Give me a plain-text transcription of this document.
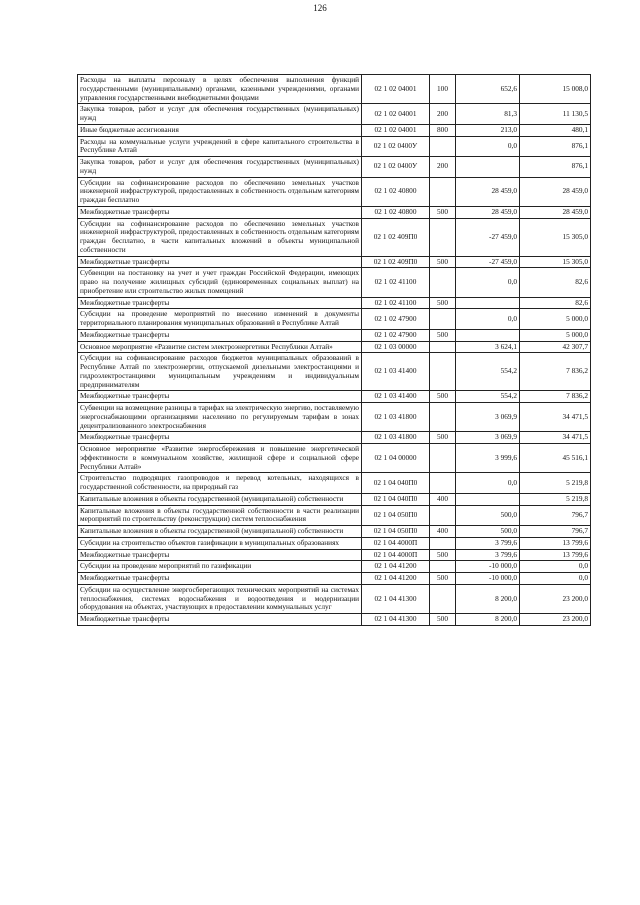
126
Расходы на выплаты персоналу в целях обеспечения выполнения функций государственными (муниципальными) органами, казенными учреждениями, органами управления государственными внебюджетными фондами	02 1 02 04001	100	652,6	15 008,0
Закупка товаров, работ и услуг для обеспечения государственных (муниципальных) нужд	02 1 02 04001	200	81,3	11 130,5
Иные бюджетные ассигнования	02 1 02 04001	800	213,0	480,1
Расходы на коммунальные услуги учреждений в сфере капитального строительства в Республике Алтай	02 1 02 0400У		0,0	876,1
Закупка товаров, работ и услуг для обеспечения государственных (муниципальных) нужд	02 1 02 0400У	200		876,1
Субсидии на софинансирование расходов по обеспечению земельных участков инженерной инфраструктурой, предоставленных в собственность отдельным категориям граждан бесплатно	02 1 02 40800		28 459,0	28 459,0
Межбюджетные трансферты	02 1 02 40800	500	28 459,0	28 459,0
Субсидии на софинансирование расходов по обеспечению земельных участков инженерной инфраструктурой, предоставленных в собственность отдельным категориям граждан бесплатно, в части капитальных вложений в объекты муниципальной собственности	02 1 02 409П0		-27 459,0	15 305,0
Межбюджетные трансферты	02 1 02 409П0	500	-27 459,0	15 305,0
Субвенции на постановку на учет и учет граждан Российской Федерации, имеющих право на получение жилищных субсидий (единовременных социальных выплат) на приобретение или строительство жилых помещений	02 1 02 41100		0,0	82,6
Межбюджетные трансферты	02 1 02 41100	500		82,6
Субсидии на проведение мероприятий по внесению изменений в документы территориального планирования муниципальных образований в Республике Алтай	02 1 02 47900		0,0	5 000,0
Межбюджетные трансферты	02 1 02 47900	500		5 000,0
Основное мероприятие «Развитие систем электроэнергетики Республики Алтай»	02 1 03 00000		3 624,1	42 307,7
Субсидии на софинансирование расходов бюджетов муниципальных образований в Республике Алтай по электроэнергии, отпускаемой дизельными электростанциями и гидроэлектростанциями муниципальным учреждениям и индивидуальным предпринимателям	02 1 03 41400		554,2	7 836,2
Межбюджетные трансферты	02 1 03 41400	500	554,2	7 836,2
Субвенции на возмещение разницы в тарифах на электрическую энергию, поставляемую энергоснабжающими организациями населению по регулируемым тарифам в зонах децентрализованного электроснабжения	02 1 03 41800		3 069,9	34 471,5
Межбюджетные трансферты	02 1 03 41800	500	3 069,9	34 471,5
Основное мероприятие «Развитие энергосбережения и повышение энергетической эффективности в коммунальном хозяйстве, жилищной сфере и социальной сфере Республики Алтай»	02 1 04 00000		3 999,6	45 516,1
Строительство подводящих газопроводов и перевод котельных, находящихся в государственной собственности, на природный газ	02 1 04 040П0		0,0	5 219,8
Капитальные вложения в объекты государственной (муниципальной) собственности	02 1 04 040П0	400		5 219,8
Капитальные вложения в объекты государственной собственности в части реализации мероприятий по строительству (реконструкции) систем теплоснабжения	02 1 04 050П0		500,0	796,7
Капитальные вложения в объекты государственной (муниципальной) собственности	02 1 04 050П0	400	500,0	796,7
Субсидии на строительство объектов газификации в муниципальных образованиях	02 1 04 4000П		3 799,6	13 799,6
Межбюджетные трансферты	02 1 04 4000П	500	3 799,6	13 799,6
Субсидии на проведение мероприятий по газификации	02 1 04 41200		-10 000,0	0,0
Межбюджетные трансферты	02 1 04 41200	500	-10 000,0	0,0
Субсидии на осуществление энергосберегающих технических мероприятий на системах теплоснабжения, системах водоснабжения и водоотведения и модернизации оборудования на объектах, участвующих в предоставлении коммунальных услуг	02 1 04 41300		8 200,0	23 200,0
Межбюджетные трансферты	02 1 04 41300	500	8 200,0	23 200,0
